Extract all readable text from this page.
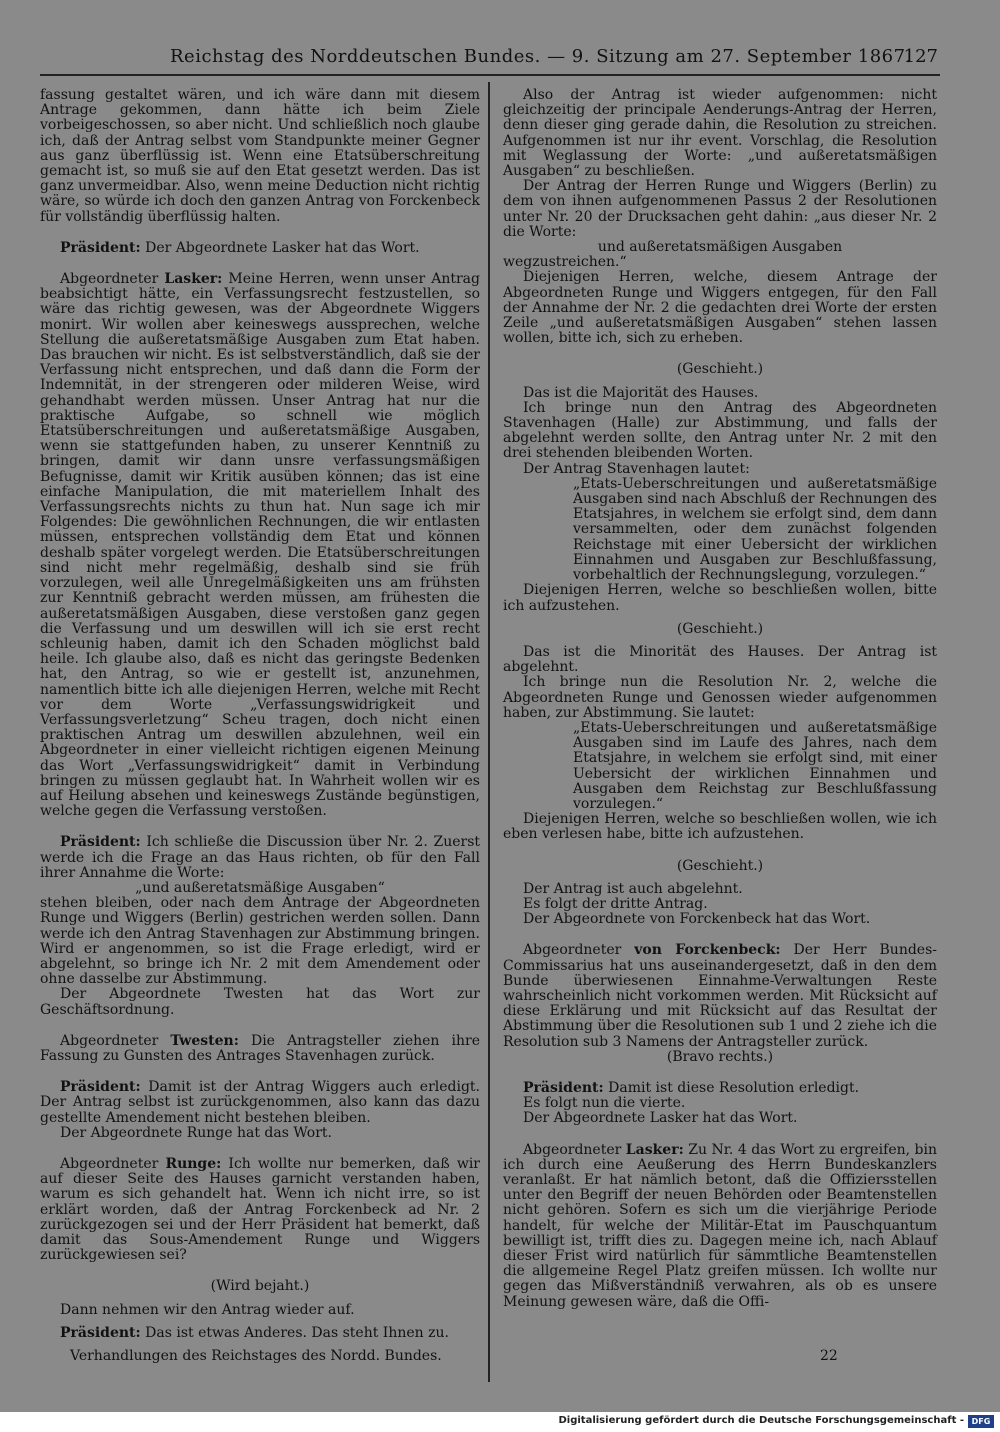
Reichstag des Norddeutschen Bundes. — 9. Sitzung am 27. September 1867.
127

fassung gestaltet wären, und ich wäre dann mit diesem Antrage gekommen, dann hätte ich beim Ziele vorbeigeschossen, so aber nicht. Und schließlich noch glaube ich, daß der Antrag selbst vom Standpunkte meiner Gegner aus ganz überflüssig ist. Wenn eine Etatsüberschreitung gemacht ist, so muß sie auf den Etat gesetzt werden. Das ist ganz unvermeidbar. Also, wenn meine Deduction nicht richtig wäre, so würde ich doch den ganzen Antrag von Forckenbeck für vollständig überflüssig halten.

Präsident: Der Abgeordnete Lasker hat das Wort.

Abgeordneter Lasker: Meine Herren, wenn unser Antrag beabsichtigt hätte, ein Verfassungsrecht festzustellen, so wäre das richtig gewesen, was der Abgeordnete Wiggers monirt. Wir wollen aber keineswegs aussprechen, welche Stellung die außeretatsmäßige Ausgaben zum Etat haben. Das brauchen wir nicht. Es ist selbstverständlich, daß sie der Verfassung nicht entsprechen, und daß dann die Form der Indemnität, in der strengeren oder milderen Weise, wird gehandhabt werden müssen. Unser Antrag hat nur die praktische Aufgabe, so schnell wie möglich Etatsüberschreitungen und außeretatsmäßige Ausgaben, wenn sie stattgefunden haben, zu unserer Kenntniß zu bringen, damit wir dann unsre verfassungsmäßigen Befugnisse, damit wir Kritik ausüben können; das ist eine einfache Manipulation, die mit materiellem Inhalt des Verfassungsrechts nichts zu thun hat. Nun sage ich mir Folgendes: Die gewöhnlichen Rechnungen, die wir entlasten müssen, entsprechen vollständig dem Etat und können deshalb später vorgelegt werden. Die Etatsüberschreitungen sind nicht mehr regelmäßig, deshalb sind sie früh vorzulegen, weil alle Unregelmäßigkeiten uns am frühsten zur Kenntniß gebracht werden müssen, am frühesten die außeretatsmäßigen Ausgaben, diese verstoßen ganz gegen die Verfassung und um deswillen will ich sie erst recht schleunig haben, damit ich den Schaden möglichst bald heile. Ich glaube also, daß es nicht das geringste Bedenken hat, den Antrag, so wie er gestellt ist, anzunehmen, namentlich bitte ich alle diejenigen Herren, welche mit Recht vor dem Worte „Verfassungswidrigkeit und Verfassungsverletzung“ Scheu tragen, doch nicht einen praktischen Antrag um deswillen abzulehnen, weil ein Abgeordneter in einer vielleicht richtigen eigenen Meinung das Wort „Verfassungswidrigkeit“ damit in Verbindung bringen zu müssen geglaubt hat. In Wahrheit wollen wir es auf Heilung absehen und keineswegs Zustände begünstigen, welche gegen die Verfassung verstoßen.

Präsident: Ich schließe die Discussion über Nr. 2. Zuerst werde ich die Frage an das Haus richten, ob für den Fall ihrer Annahme die Worte:

„und außeretatsmäßige Ausgaben“

stehen bleiben, oder nach dem Antrage der Abgeordneten Runge und Wiggers (Berlin) gestrichen werden sollen. Dann werde ich den Antrag Stavenhagen zur Abstimmung bringen. Wird er angenommen, so ist die Frage erledigt, wird er abgelehnt, so bringe ich Nr. 2 mit dem Amendement oder ohne dasselbe zur Abstimmung.

Der Abgeordnete Twesten hat das Wort zur Geschäftsordnung.

Abgeordneter Twesten: Die Antragsteller ziehen ihre Fassung zu Gunsten des Antrages Stavenhagen zurück.

Präsident: Damit ist der Antrag Wiggers auch erledigt. Der Antrag selbst ist zurückgenommen, also kann das dazu gestellte Amendement nicht bestehen bleiben.

Der Abgeordnete Runge hat das Wort.

Abgeordneter Runge: Ich wollte nur bemerken, daß wir auf dieser Seite des Hauses garnicht verstanden haben, warum es sich gehandelt hat. Wenn ich nicht irre, so ist erklärt worden, daß der Antrag Forckenbeck ad Nr. 2 zurückgezogen sei und der Herr Präsident hat bemerkt, daß damit das Sous-Amendement Runge und Wiggers zurückgewiesen sei?

(Wird bejaht.)

Dann nehmen wir den Antrag wieder auf.

Präsident: Das ist etwas Anderes. Das steht Ihnen zu.

Also der Antrag ist wieder aufgenommen: nicht gleichzeitig der principale Aenderungs-Antrag der Herren, denn dieser ging gerade dahin, die Resolution zu streichen. Aufgenommen ist nur ihr event. Vorschlag, die Resolution mit Weglassung der Worte: „und außeretatsmäßigen Ausgaben“ zu beschließen.

Der Antrag der Herren Runge und Wiggers (Berlin) zu dem von ihnen aufgenommenen Passus 2 der Resolutionen unter Nr. 20 der Drucksachen geht dahin: „aus dieser Nr. 2 die Worte:

und außeretatsmäßigen Ausgaben

wegzustreichen.“

Diejenigen Herren, welche, diesem Antrage der Abgeordneten Runge und Wiggers entgegen, für den Fall der Annahme der Nr. 2 die gedachten drei Worte der ersten Zeile „und außeretatsmäßigen Ausgaben“ stehen lassen wollen, bitte ich, sich zu erheben.

(Geschieht.)

Das ist die Majorität des Hauses.

Ich bringe nun den Antrag des Abgeordneten Stavenhagen (Halle) zur Abstimmung, und falls der abgelehnt werden sollte, den Antrag unter Nr. 2 mit den drei stehenden bleibenden Worten.

Der Antrag Stavenhagen lautet:

„Etats-Ueberschreitungen und außeretatsmäßige Ausgaben sind nach Abschluß der Rechnungen des Etatsjahres, in welchem sie erfolgt sind, dem dann versammelten, oder dem zunächst folgenden Reichstage mit einer Uebersicht der wirklichen Einnahmen und Ausgaben zur Beschlußfassung, vorbehaltlich der Rechnungslegung, vorzulegen.“

Diejenigen Herren, welche so beschließen wollen, bitte ich aufzustehen.

(Geschieht.)

Das ist die Minorität des Hauses. Der Antrag ist abgelehnt.

Ich bringe nun die Resolution Nr. 2, welche die Abgeordneten Runge und Genossen wieder aufgenommen haben, zur Abstimmung. Sie lautet:

„Etats-Ueberschreitungen und außeretatsmäßige Ausgaben sind im Laufe des Jahres, nach dem Etatsjahre, in welchem sie erfolgt sind, mit einer Uebersicht der wirklichen Einnahmen und Ausgaben dem Reichstag zur Beschlußfassung vorzulegen.“

Diejenigen Herren, welche so beschließen wollen, wie ich eben verlesen habe, bitte ich aufzustehen.

(Geschieht.)

Der Antrag ist auch abgelehnt.

Es folgt der dritte Antrag.

Der Abgeordnete von Forckenbeck hat das Wort.

Abgeordneter von Forckenbeck: Der Herr Bundes-Commissarius hat uns auseinandergesetzt, daß in den dem Bunde überwiesenen Einnahme-Verwaltungen Reste wahrscheinlich nicht vorkommen werden. Mit Rücksicht auf diese Erklärung und mit Rücksicht auf das Resultat der Abstimmung über die Resolutionen sub 1 und 2 ziehe ich die Resolution sub 3 Namens der Antragsteller zurück.

(Bravo rechts.)

Präsident: Damit ist diese Resolution erledigt.

Es folgt nun die vierte.

Der Abgeordnete Lasker hat das Wort.

Abgeordneter Lasker: Zu Nr. 4 das Wort zu ergreifen, bin ich durch eine Aeußerung des Herrn Bundeskanzlers veranlaßt. Er hat nämlich betont, daß die Offiziersstellen unter den Begriff der neuen Behörden oder Beamtenstellen nicht gehören. Sofern es sich um die vierjährige Periode handelt, für welche der Militär-Etat im Pauschquantum bewilligt ist, trifft dies zu. Dagegen meine ich, nach Ablauf dieser Frist wird natürlich für sämmtliche Beamtenstellen die allgemeine Regel Platz greifen müssen. Ich wollte nur gegen das Mißverständniß verwahren, als ob es unsere Meinung gewesen wäre, daß die Offi-

Verhandlungen des Reichstages des Nordd. Bundes.	22
Digitalisierung gefördert durch die Deutsche Forschungsgemeinschaft - DFG
